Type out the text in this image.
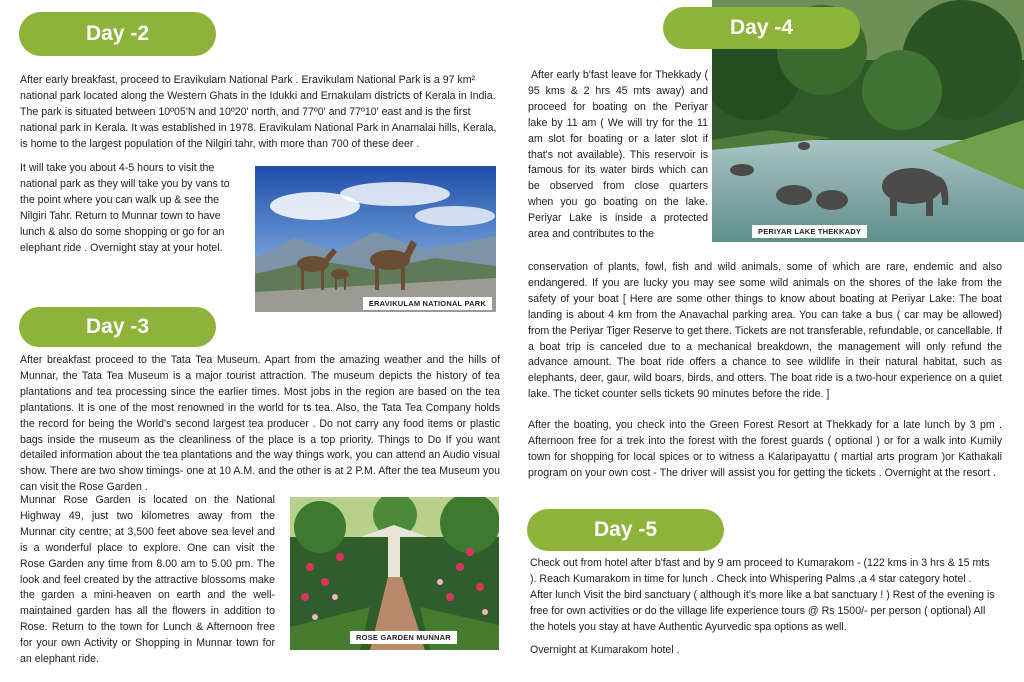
Day -2

After early breakfast, proceed to Eravikulam National Park . Eravikulam National Park is a 97 km² national park located along the Western Ghats in the Idukki and Ernakulam districts of Kerala in India. The park is situated between 10º05'N and 10º20' north, and 77º0' and 77º10' east and is the first national park in Kerala. It was established in 1978. Eravikulam National Park in Anamalai hills, Kerala, is home to the largest population of the Nilgiri tahr, with more than 700 of these deer .

It will take you about 4-5 hours to visit the national park as they will take you by vans to the point where you can walk up & see the Nilgiri Tahr. Return to Munnar town to have lunch & also do some shopping or go for an elephant ride . Overnight stay at your hotel.

ERAVIKULAM NATIONAL PARK
Day -3

After breakfast proceed to the Tata Tea Museum. Apart from the amazing weather and the hills of Munnar, the Tata Tea Museum is a major tourist attraction. The museum depicts the history of tea plantations and tea processing since the earlier times. Most jobs in the region are based on the tea plantations. It is one of the most renowned in the world for ts tea. Also, the Tata Tea Company holds the record for being the World's second largest tea producer . Do not carry any food items or plastic bags inside the museum as the cleanliness of the place is a top priority. Things to Do If you want detailed information about the tea plantations and the way things work, you can attend an Audio visual show. There are two show timings- one at 10 A.M. and the other is at 2 P.M. After the tea Museum you can visit the Rose Garden .

Munnar Rose Garden is located on the National Highway 49, just two kilometres away from the Munnar city centre; at 3,500 feet above sea level and is a wonderful place to explore. One can visit the Rose Garden any time from 8.00 am to 5.00 pm. The look and feel created by the attractive blossoms make the garden a mini-heaven on earth and the well-maintained garden has all the flowers in addition to Rose. Return to the town for Lunch & Afternoon free for your own Activity or Shopping in Munnar town for an elephant ride.

ROSE GARDEN MUNNAR
PERIYAR LAKE THEKKADY
Day -4

After early b'fast leave for Thekkady ( 95 kms & 2 hrs 45 mts away) and proceed for boating on the Periyar lake by 11 am ( We will try for the 11 am slot for boating or a later slot if that's not available). This reservoir is famous for its water birds which can be observed from close quarters when you go boating on the lake. Periyar Lake is inside a protected area and contributes to the

conservation of plants, fowl, fish and wild animals, some of which are rare, endemic and also endangered. If you are lucky you may see some wild animals on the shores of the lake from the safety of your boat [ Here are some other things to know about boating at Periyar Lake: The boat landing is about 4 km from the Anavachal parking area. You can take a bus ( car may be allowed) from the Periyar Tiger Reserve to get there. Tickets are not transferable, refundable, or cancellable. If a boat trip is canceled due to a mechanical breakdown, the management will only refund the advance amount. The boat ride offers a chance to see wildlife in their natural habitat, such as elephants, deer, gaur, wild boars, birds, and otters. The boat ride is a two-hour experience on a quiet lake. The ticket counter sells tickets 90 minutes before the ride. ]

After the boating, you check into the Green Forest Resort at Thekkady for a late lunch by 3 pm . Afternoon free for a trek into the forest with the forest guards ( optional ) or for a walk into Kumily town for shopping for local spices or to witness a Kalaripayattu ( martial arts program )or Kathakali program on your own cost - The driver will assist you for getting the tickets . Overnight at the resort .

Day -5

Check out from hotel after b'fast and by 9 am proceed to Kumarakom - (122 kms in 3 hrs & 15 mts ). Reach Kumarakom in time for lunch . Check into Whispering Palms ,a 4 star category hotel . After lunch Visit the bird sanctuary ( although it's more like a bat sanctuary ! ) Rest of the evening is free for own activities or do the village life experience tours @ Rs 1500/- per person ( optional) All the hotels you stay at have Authentic Ayurvedic spa options as well.

Overnight at Kumarakom hotel .
